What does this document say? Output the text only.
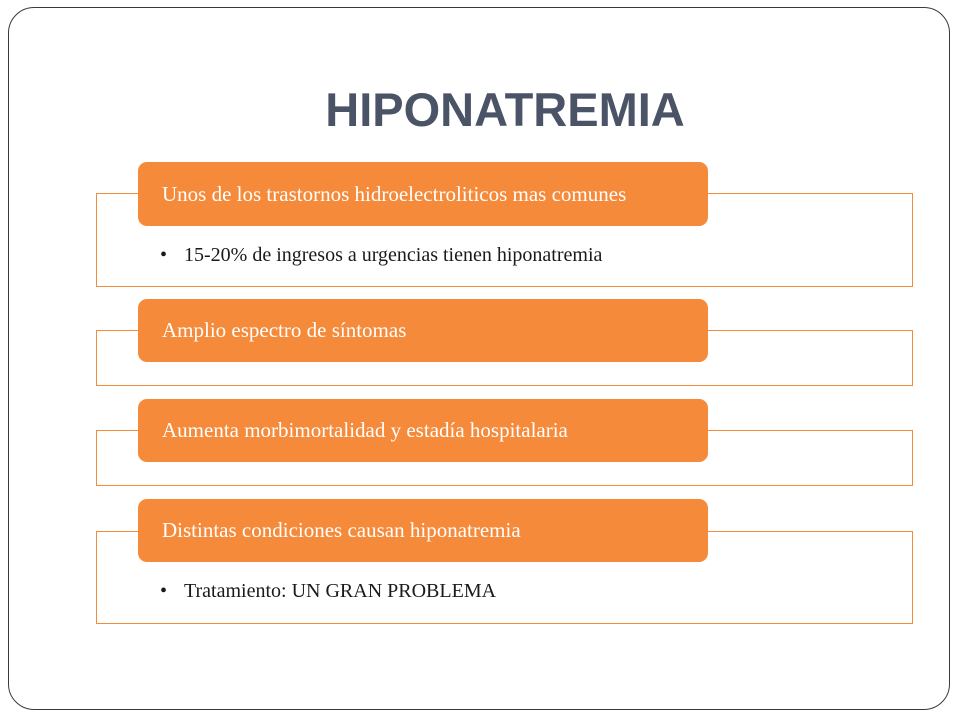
HIPONATREMIA
Unos de los trastornos hidroelectroliticos mas comunes
• 15-20% de ingresos a urgencias tienen hiponatremia
Amplio espectro de síntomas
Aumenta morbimortalidad y estadía hospitalaria
Distintas condiciones causan hiponatremia
• Tratamiento: UN GRAN PROBLEMA
